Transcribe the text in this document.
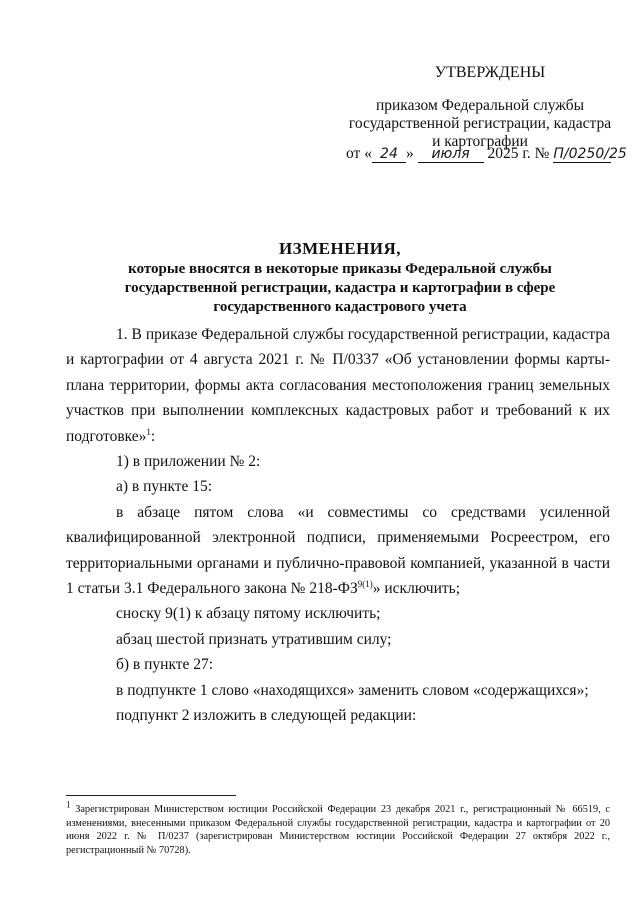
УТВЕРЖДЕНЫ
приказом Федеральной службы
государственной регистрации, кадастра
и картографии
от « 24 » июля 2025 г. № П/0250/25
ИЗМЕНЕНИЯ,
которые вносятся в некоторые приказы Федеральной службы
государственной регистрации, кадастра и картографии в сфере
государственного кадастрового учета

1. В приказе Федеральной службы государственной регистрации, кадастра и картографии от 4 августа 2021 г. № П/0337 «Об установлении формы карты-плана территории, формы акта согласования местоположения границ земельных участков при выполнении комплексных кадастровых работ и требований к их подготовке»$^1$:

1) в приложении № 2:

а) в пункте 15:

в абзаце пятом слова «и совместимы со средствами усиленной квалифицированной электронной подписи, применяемыми Росреестром, его территориальными органами и публично-правовой компанией, указанной в части 1 статьи 3.1 Федерального закона № $218-ФЗ^{9(1)}$» исключить;

сноску 9(1) к абзацу пятому исключить;

абзац шестой признать утратившим силу;

б) в пункте 27:

в подпункте 1 слово «находящихся» заменить словом «содержащихся»;

подпункт 2 изложить в следующей редакции:

$^1$ Зарегистрирован Министерством юстиции Российской Федерации 23 декабря 2021 г., регистрационный № 66519, с изменениями, внесенными приказом Федеральной службы государственной регистрации, кадастра и картографии от 20 июня 2022 г. № П/0237 (зарегистрирован Министерством юстиции Российской Федерации 27 октября 2022 г., регистрационный № 70728).
